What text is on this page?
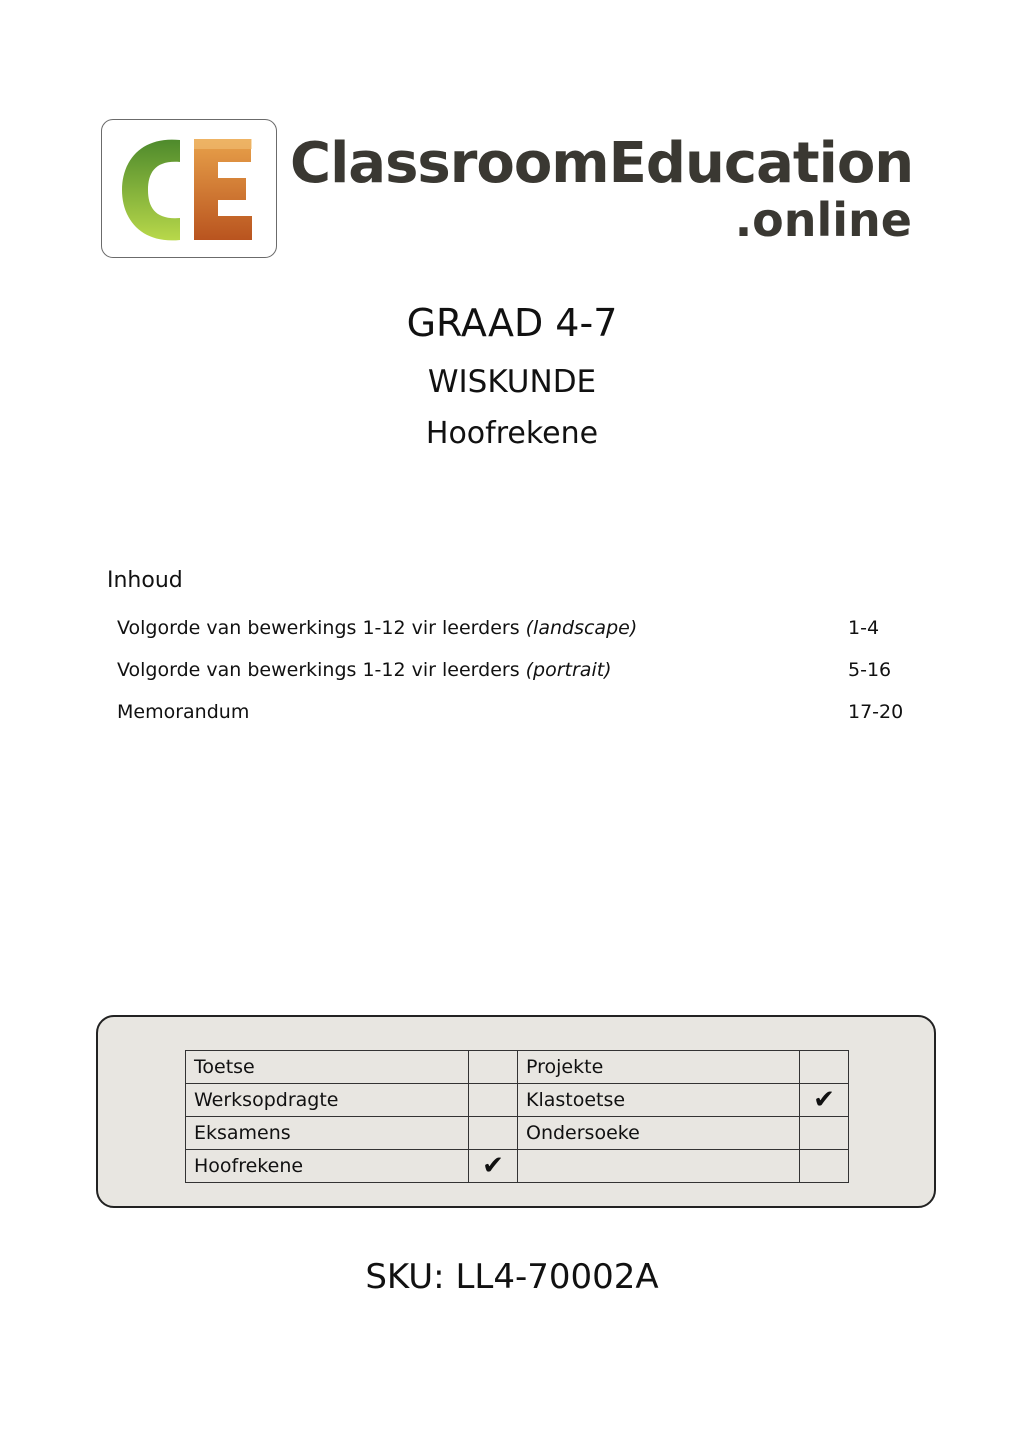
ClassroomEducation
.online
GRAAD 4-7
WISKUNDE
Hoofrekene
Inhoud
Volgorde van bewerkings 1-12 vir leerders (landscape)	1-4
Volgorde van bewerkings 1-12 vir leerders (portrait)	5-16
Memorandum	17-20
Toetse		Projekte	
Werksopdragte		Klastoetse	✔
Eksamens		Ondersoeke	
Hoofrekene	✔		
SKU: LL4-70002A
